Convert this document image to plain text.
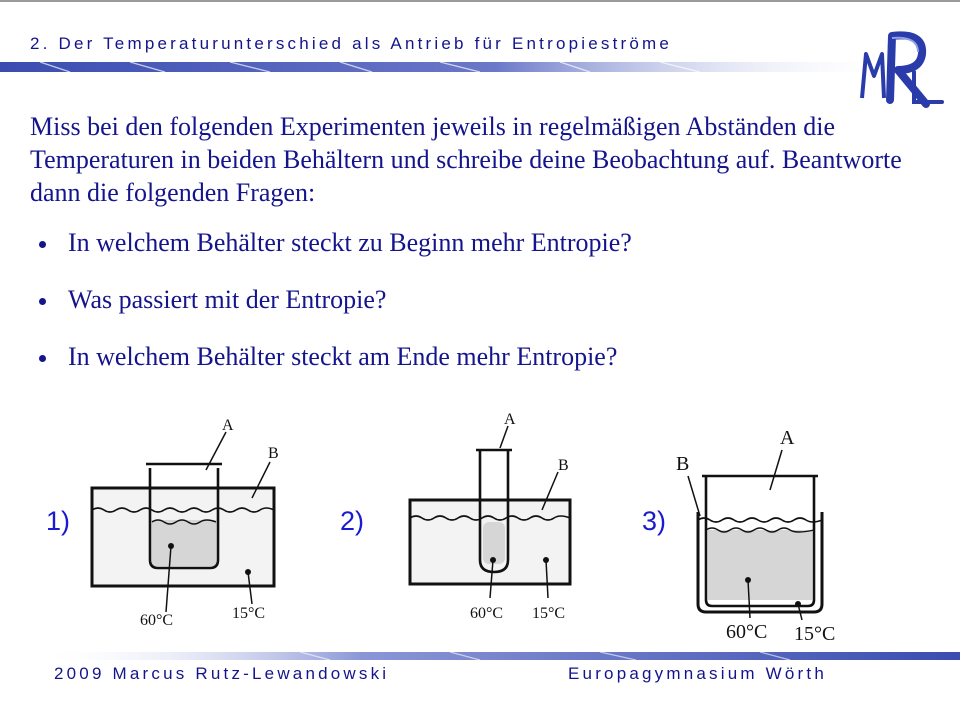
2. Der Temperaturunterschied als Antrieb für Entropieströme

Miss bei den folgenden Experimenten jeweils in regelmäßigen Abständen die Temperaturen in beiden Behältern und schreibe deine Beobachtung auf. Beantworte dann die folgenden Fragen:

In welchem Behälter steckt zu Beginn mehr Entropie?
Was passiert mit der Entropie?
In welchem Behälter steckt am Ende mehr Entropie?
1)
A
B
60°C	15°C
2)
A
B
60°C 15°C
3)
A
B
60°C 15°C
2009 Marcus Rutz-Lewandowski	Europagymnasium Wörth
